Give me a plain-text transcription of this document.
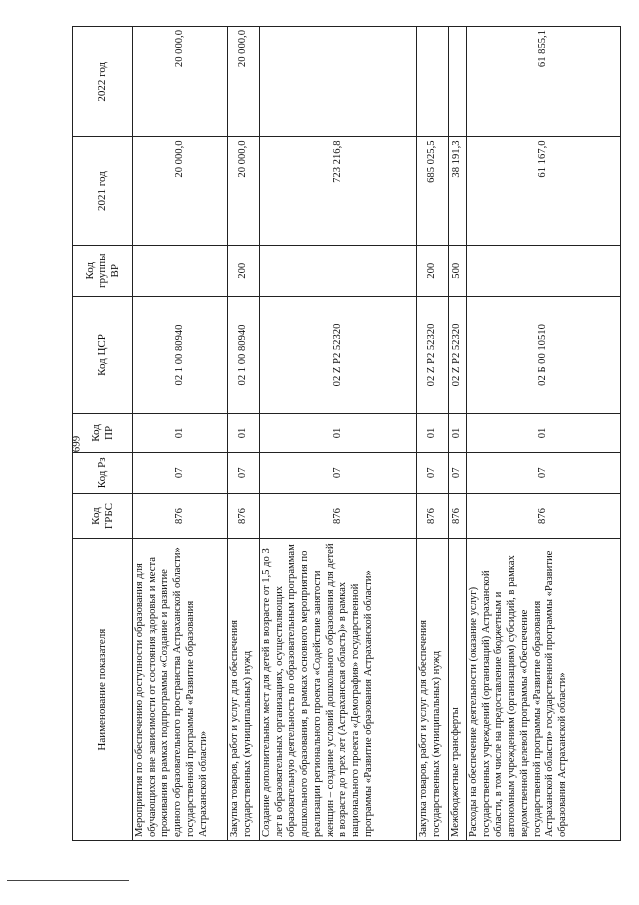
699
Наименование показателя	Код ГРБС	Код Рз	Код ПР	Код ЦСР	Код группы ВР	2021 год	2022 год
Мероприятия по обеспечению доступности образования для обучающихся вне зависимости от состояния здоровья и места проживания в рамках подпрограммы «Создание и развитие единого образовательного пространства Астраханской области» государственной программы «Развитие образования Астраханской области»	876	07	01	02 1 00 80940		20 000,0	20 000,0
Закупка товаров, работ и услуг для обеспечения государственных (муниципальных) нужд	876	07	01	02 1 00 80940	200	20 000,0	20 000,0
Создание дополнительных мест для детей в возрасте от 1,5 до 3 лет в образовательных организациях, осуществляющих образовательную деятельность по образовательным программам дошкольного образования, в рамках основного мероприятия по реализации регионального проекта «Содействие занятости женщин – создание условий дошкольного образования для детей в возрасте до трех лет (Астраханская область)» в рамках национального проекта «Демография» государственной программы «Развитие образования Астраханской области»	876	07	01	02 Z P2 52320		723 216,8	
Закупка товаров, работ и услуг для обеспечения государственных (муниципальных) нужд	876	07	01	02 Z P2 52320	200	685 025,5	
Межбюджетные трансферты	876	07	01	02 Z P2 52320	500	38 191,3	
Расходы на обеспечение деятельности (оказание услуг) государственных учреждений (организаций) Астраханской области, в том числе на предоставление бюджетным и автономным учреждениям (организациям) субсидий, в рамках ведомственной целевой программы «Обеспечение государственной программы «Развитие образования Астраханской области» государственной программы «Развитие образования Астраханской области»	876	07	01	02 Б 00 10510		61 167,0	61 855,1
